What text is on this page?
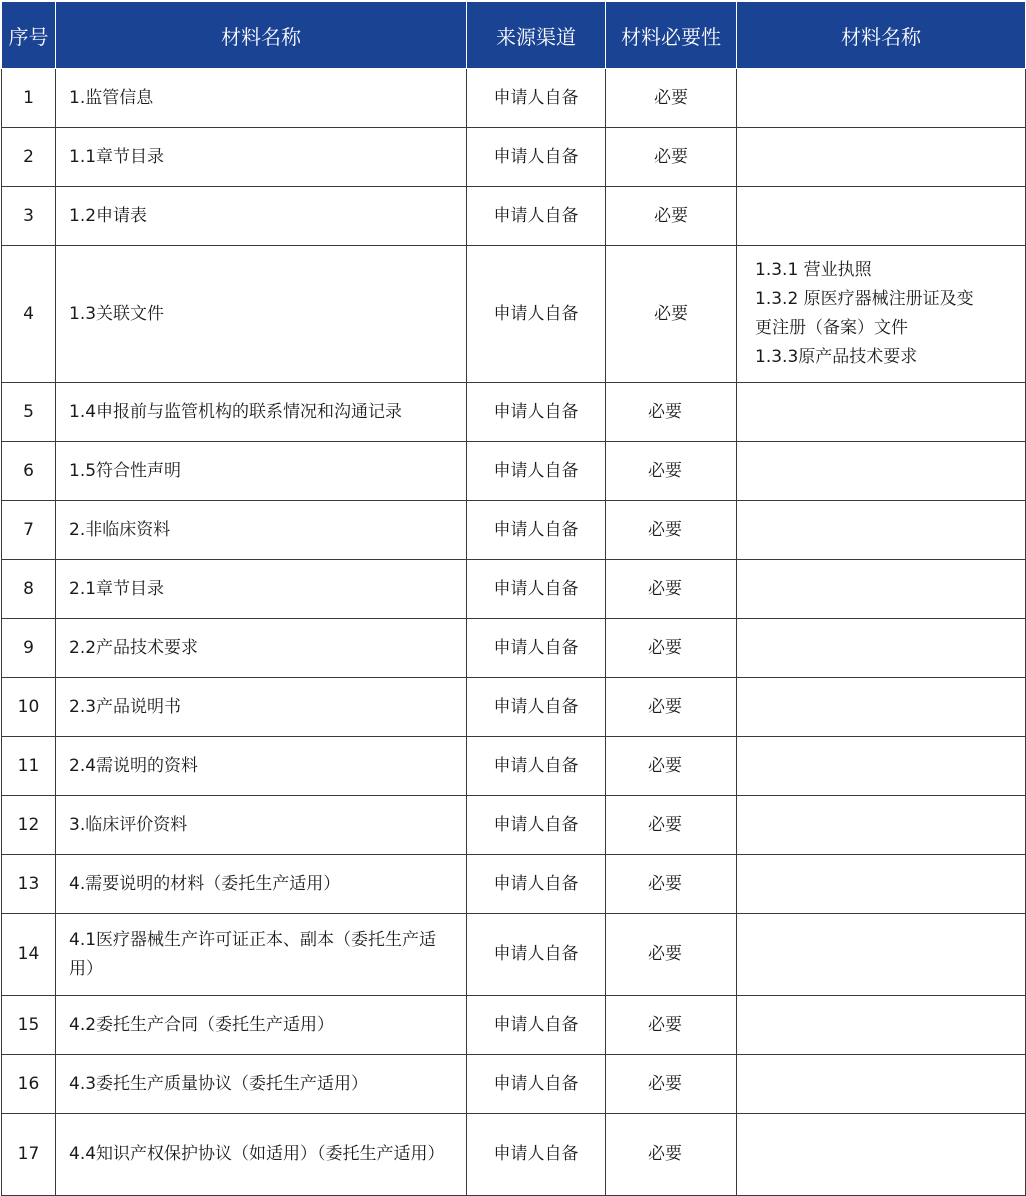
序号	材料名称	来源渠道	材料必要性	材料名称
1	1.监管信息	申请人自备	必要	
2	1.1章节目录	申请人自备	必要	
3	1.2申请表	申请人自备	必要	
4	1.3关联文件	申请人自备	必要	1.3.1 营业执照
1.3.2 原医疗器械注册证及变
更注册（备案）文件
1.3.3原产品技术要求

5	1.4申报前与监管机构的联系情况和沟通记录	申请人自备	必要	
6	1.5符合性声明	申请人自备	必要	
7	2.非临床资料	申请人自备	必要	
8	2.1章节目录	申请人自备	必要	
9	2.2产品技术要求	申请人自备	必要	
10	2.3产品说明书	申请人自备	必要	
11	2.4需说明的资料	申请人自备	必要	
12	3.临床评价资料	申请人自备	必要	
13	4.需要说明的材料（委托生产适用）	申请人自备	必要	
14	4.1医疗器械生产许可证正本、副本（委托生产适用）	申请人自备	必要	
15	4.2委托生产合同（委托生产适用）	申请人自备	必要	
16	4.3委托生产质量协议（委托生产适用）	申请人自备	必要	
17	4.4知识产权保护协议（如适用）（委托生产适用）	申请人自备	必要	
